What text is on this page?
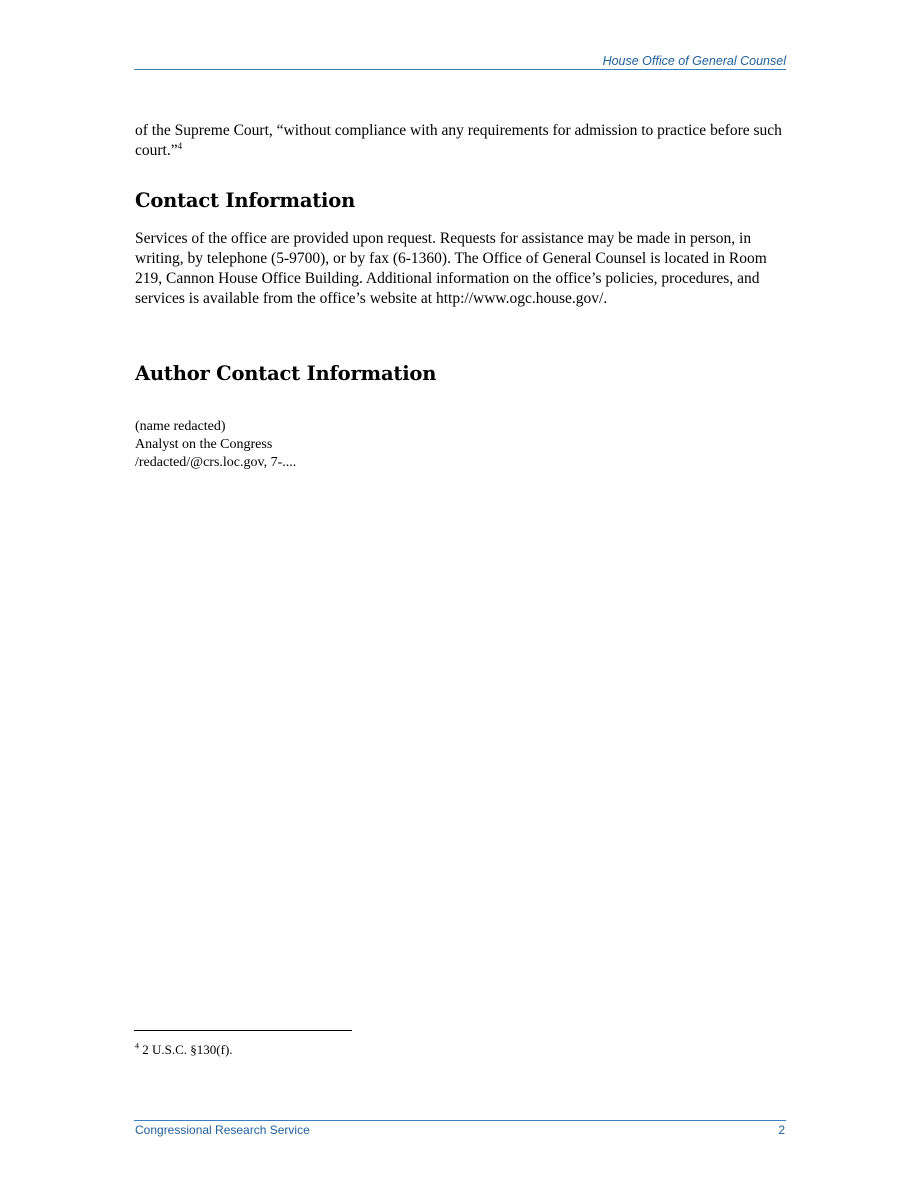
House Office of General Counsel

of the Supreme Court, “without compliance with any requirements for admission to practice before such court.”$^4$

Contact Information

Services of the office are provided upon request. Requests for assistance may be made in person, in writing, by telephone (5-9700), or by fax (6-1360). The Office of General Counsel is located in Room 219, Cannon House Office Building. Additional information on the office’s policies, procedures, and services is available from the office’s website at http://www.ogc.house.gov/.

Author Contact Information
(name redacted)
Analyst on the Congress
/redacted/@crs.loc.gov, 7-....
$^4$ 2 U.S.C. §130(f).
Congressional Research Service	2
